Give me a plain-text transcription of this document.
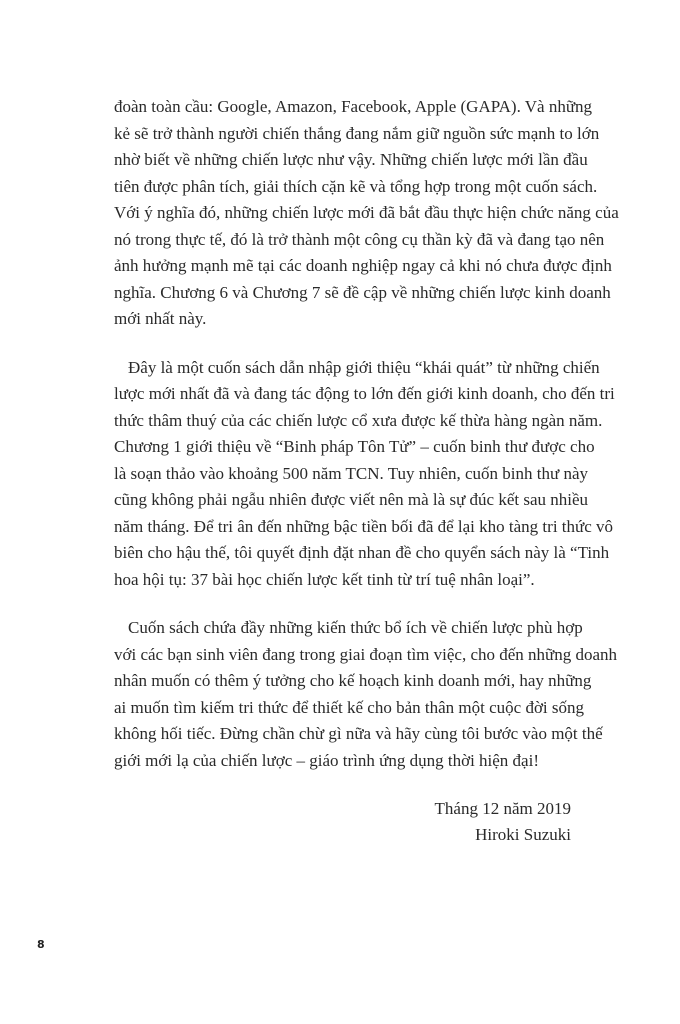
đoàn toàn cầu: Google, Amazon, Facebook, Apple (GAPA). Và những
kẻ sẽ trở thành người chiến thắng đang nắm giữ nguồn sức mạnh to lớn
nhờ biết về những chiến lược như vậy. Những chiến lược mới lần đầu
tiên được phân tích, giải thích cặn kẽ và tổng hợp trong một cuốn sách.
Với ý nghĩa đó, những chiến lược mới đã bắt đầu thực hiện chức năng của
nó trong thực tế, đó là trở thành một công cụ thần kỳ đã và đang tạo nên
ảnh hưởng mạnh mẽ tại các doanh nghiệp ngay cả khi nó chưa được định
nghĩa. Chương 6 và Chương 7 sẽ đề cập về những chiến lược kinh doanh
mới nhất này.

Đây là một cuốn sách dẫn nhập giới thiệu “khái quát” từ những chiến
lược mới nhất đã và đang tác động to lớn đến giới kinh doanh, cho đến tri
thức thâm thuý của các chiến lược cổ xưa được kế thừa hàng ngàn năm.
Chương 1 giới thiệu về “Binh pháp Tôn Tử” – cuốn binh thư được cho
là soạn thảo vào khoảng 500 năm TCN. Tuy nhiên, cuốn binh thư này
cũng không phải ngẫu nhiên được viết nên mà là sự đúc kết sau nhiều
năm tháng. Để tri ân đến những bậc tiền bối đã để lại kho tàng tri thức vô
biên cho hậu thế, tôi quyết định đặt nhan đề cho quyển sách này là “Tinh
hoa hội tụ: 37 bài học chiến lược kết tinh từ trí tuệ nhân loại”.

Cuốn sách chứa đầy những kiến thức bổ ích về chiến lược phù hợp
với các bạn sinh viên đang trong giai đoạn tìm việc, cho đến những doanh
nhân muốn có thêm ý tưởng cho kế hoạch kinh doanh mới, hay những
ai muốn tìm kiếm tri thức để thiết kế cho bản thân một cuộc đời sống
không hối tiếc. Đừng chần chừ gì nữa và hãy cùng tôi bước vào một thế
giới mới lạ của chiến lược – giáo trình ứng dụng thời hiện đại!

Tháng 12 năm 2019
Hiroki Suzuki
8
